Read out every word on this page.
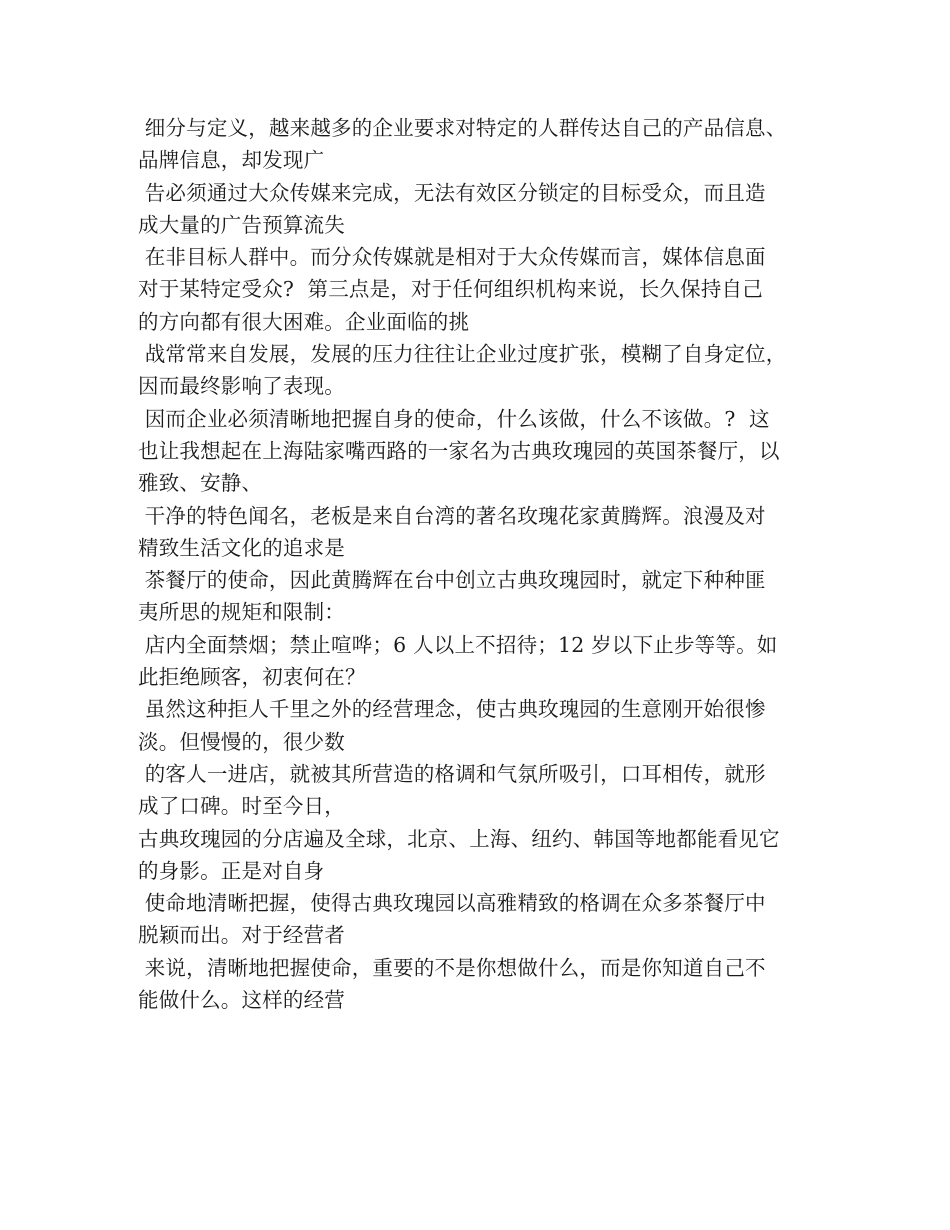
细分与定义，越来越多的企业要求对特定的人群传达自己的产品信息、
品牌信息，却发现广
告必须通过大众传媒来完成，无法有效区分锁定的目标受众，而且造
成大量的广告预算流失
在非目标人群中。而分众传媒就是相对于大众传媒而言，媒体信息面
对于某特定受众?  第三点是，对于任何组织机构来说，长久保持自己
的方向都有很大困难。企业面临的挑
战常常来自发展，发展的压力往往让企业过度扩张，模糊了自身定位，
因而最终影响了表现。
因而企业必须清晰地把握自身的使命，什么该做，什么不该做。?  这
也让我想起在上海陆家嘴西路的一家名为古典玫瑰园的英国茶餐厅，以
雅致、安静、
干净的特色闻名，老板是来自台湾的著名玫瑰花家黄腾辉。浪漫及对
精致生活文化的追求是
茶餐厅的使命，因此黄腾辉在台中创立古典玫瑰园时，就定下种种匪
夷所思的规矩和限制：
店内全面禁烟；禁止喧哗；6 人以上不招待；12 岁以下止步等等。如
此拒绝顾客，初衷何在？
虽然这种拒人千里之外的经营理念，使古典玫瑰园的生意刚开始很惨
淡。但慢慢的，很少数
的客人一进店，就被其所营造的格调和气氛所吸引，口耳相传，就形
成了口碑。时至今日，
古典玫瑰园的分店遍及全球，北京、上海、纽约、韩国等地都能看见它
的身影。正是对自身
使命地清晰把握，使得古典玫瑰园以高雅精致的格调在众多茶餐厅中
脱颖而出。对于经营者
来说，清晰地把握使命，重要的不是你想做什么，而是你知道自己不
能做什么。这样的经营
